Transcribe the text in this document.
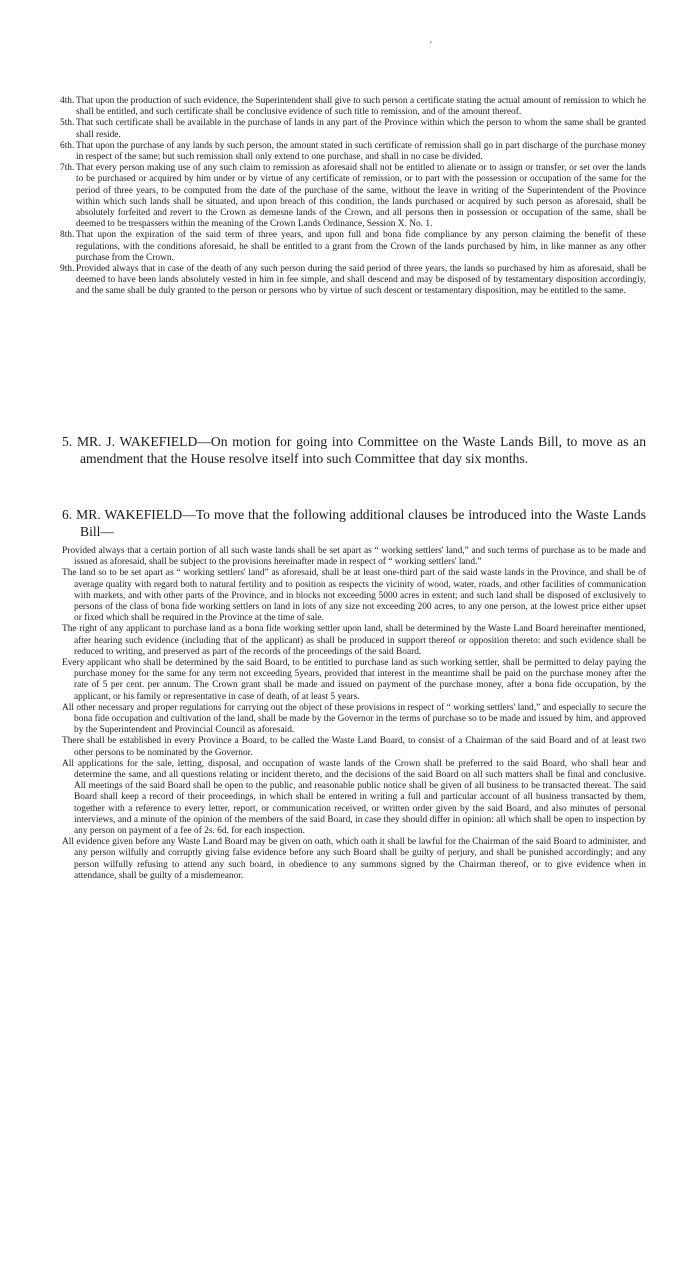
'
4th. That upon the production of such evidence, the Superintendent shall give to such person a certificate stating the actual amount of remission to which he shall be entitled, and such certificate shall be conclusive evidence of such title to remission, and of the amount thereof.
5th. That such certificate shall be available in the purchase of lands in any part of the Province within which the person to whom the same shall be granted shall reside.
6th. That upon the purchase of any lands by such person, the amount stated in such certificate of remission shall go in part discharge of the purchase money in respect of the same; but such remission shall only extend to one purchase, and shall in no case be divided.
7th. That every person making use of any such claim to remission as aforesaid shall not be entitled to alienate or to assign or transfer, or set over the lands to be purchased or acquired by him under or by virtue of any certificate of remission, or to part with the possession or occupation of the same for the period of three years, to be computed from the date of the purchase of the same, without the leave in writing of the Superintendent of the Province within which such lands shall be situated, and upon breach of this condition, the lands purchased or acquired by such person as aforesaid, shall be absolutely forfeited and revert to the Crown as demesne lands of the Crown, and all persons then in possession or occupation of the same, shall be deemed to be trespassers within the meaning of the Crown Lands Ordinance, Session X. No. 1.
8th. That upon the expiration of the said term of three years, and upon full and bona fide compliance by any person claiming the benefit of these regulations, with the conditions aforesaid, he shall be entitled to a grant from the Crown of the lands purchased by him, in like manner as any other purchase from the Crown.
9th. Provided always that in case of the death of any such person during the said period of three years, the lands so purchased by him as aforesaid, shall be deemed to have been lands absolutely vested in him in fee simple, and shall descend and may be disposed of by testamentary disposition accordingly, and the same shall be duly granted to the person or persons who by virtue of such descent or testamentary disposition, may be entitled to the same.
5. MR. J. WAKEFIELD—On motion for going into Committee on the Waste Lands Bill, to move as an amendment that the House resolve itself into such Committee that day six months.
6. MR. WAKEFIELD—To move that the following additional clauses be introduced into the Waste Lands Bill—
Provided always that a certain portion of all such waste lands shall be set apart as “ working settlers' land,” and such terms of purchase as to be made and issued as aforesaid, shall be subject to the provisions hereinafter made in respect of “ working settlers' land.”
The land so to be set apart as “ working settlers' land” as aforesaid, shall be at least one-third part of the said waste lands in the Province, and shall be of average quality with regard both to natural fertility and to position as respects the vicinity of wood, water, roads, and other facilities of communication with markets, and with other parts of the Province, and in blocks not exceeding 5000 acres in extent; and such land shall be disposed of exclusively to persons of the class of bona fide working settlers on land in lots of any size not exceeding 200 acres, to any one person, at the lowest price either upset or fixed which shall be required in the Province at the time of sale.
The right of any applicant to purchase land as a bona fide working settler upon land, shall be determined by the Waste Land Board hereinafter mentioned, after hearing such evidence (including that of the applicant) as shall be produced in support thereof or opposition thereto: and such evidence shall be reduced to writing, and preserved as part of the records of the proceedings of the said Board.
Every applicant who shall be determined by the said Board, to be entitled to purchase land as such working settler, shall be permitted to delay paying the purchase money for the same for any term not exceeding 5years, provided that interest in the meantime shall be paid on the purchase money after the rate of 5 per cent. per annum. The Crown grant shall be made and issued on payment of the purchase money, after a bona fide occupation, by the applicant, or his family or representative in case of death, of at least 5 years.
All other necessary and proper regulations for carrying out the object of these provisions in respect of “ working settlers' land,” and especially to secure the bona fide occupation and cultivation of the land, shall be made by the Governor in the terms of purchase so to be made and issued by him, and approved by the Superintendent and Provincial Council as aforesaid.
There shall be established in every Province a Board, to be called the Waste Land Board, to consist of a Chairman of the said Board and of at least two other persons to be nominated by the Governor.
All applications for the sale, letting, disposal, and occupation of waste lands of the Crown shall be preferred to the said Board, who shall hear and determine the same, and all questions relating or incident thereto, and the decisions of the said Board on all such matters shall be final and conclusive. All meetings of the said Board shall be open to the public, and reasonable public notice shall be given of all business to be transacted thereat. The said Board shall keep a record of their proceedings, in which shall be entered in writing a full and particular account of all business transacted by them, together with a reference to every letter, report, or communication received, or written order given by the said Board, and also minutes of personal interviews, and a minute of the opinion of the members of the said Board, in case they should differ in opinion: all which shall be open to inspection by any person on payment of a fee of 2s. 6d. for each inspection.
All evidence given before any Waste Land Board may be given on oath, which oath it shall be lawful for the Chairman of the said Board to administer, and any person wilfully and corruptly giving false evidence before any such Board shall be guilty of perjury, and shall be punished accordingly; and any person wilfully refusing to attend any such board, in obedience to any summons signed by the Chairman thereof, or to give evidence when in attendance, shall be guilty of a misdemeanor.
